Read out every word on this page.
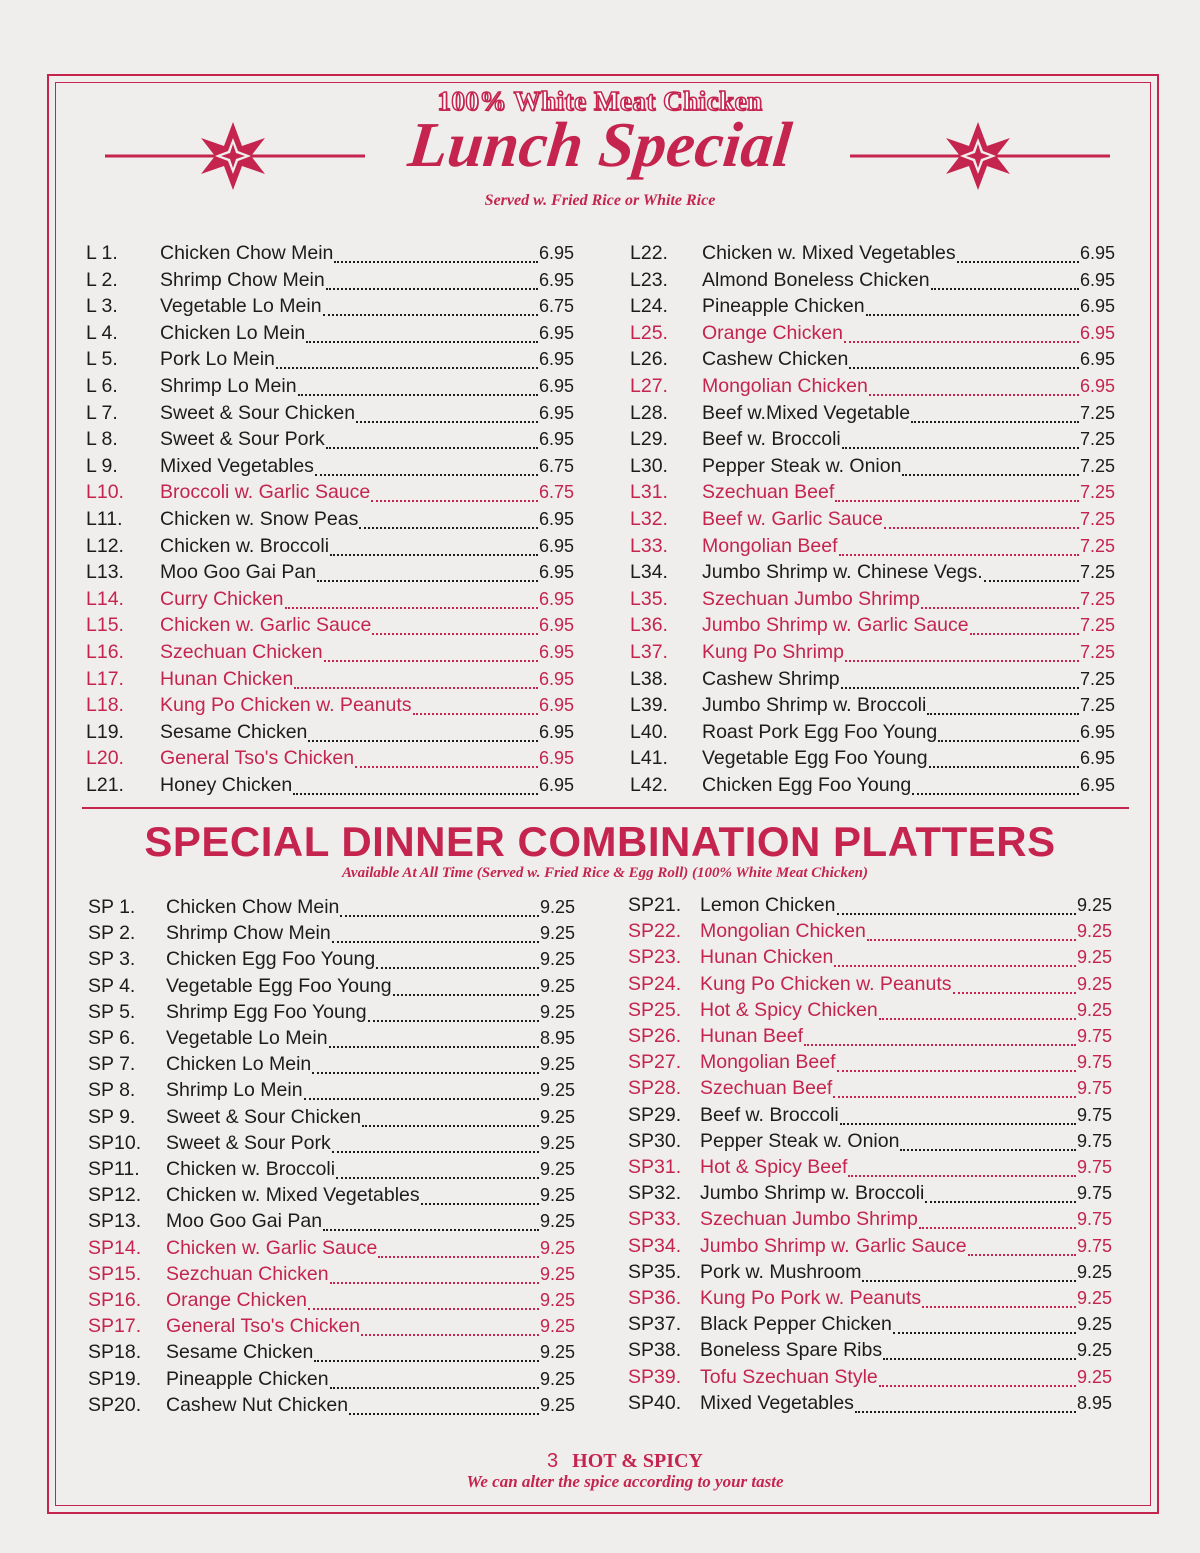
100% White Meat Chicken
Lunch Special
Served w. Fried Rice or White Rice
L 1.	Chicken Chow Mein	6.95
L 2.	Shrimp Chow Mein	6.95
L 3.	Vegetable Lo Mein	6.75
L 4.	Chicken Lo Mein	6.95
L 5.	Pork Lo Mein	6.95
L 6.	Shrimp Lo Mein	6.95
L 7.	Sweet & Sour Chicken	6.95
L 8.	Sweet & Sour Pork	6.95
L 9.	Mixed Vegetables	6.75
L10.	Broccoli w. Garlic Sauce	6.75
L11.	Chicken w. Snow Peas	6.95
L12.	Chicken w. Broccoli	6.95
L13.	Moo Goo Gai Pan	6.95
L14.	Curry Chicken	6.95
L15.	Chicken w. Garlic Sauce	6.95
L16.	Szechuan Chicken	6.95
L17.	Hunan Chicken	6.95
L18.	Kung Po Chicken w. Peanuts	6.95
L19.	Sesame Chicken	6.95
L20.	General Tso's Chicken	6.95
L21.	Honey Chicken	6.95
L22.	Chicken w. Mixed Vegetables	6.95
L23.	Almond Boneless Chicken	6.95
L24.	Pineapple Chicken	6.95
L25.	Orange Chicken	6.95
L26.	Cashew Chicken	6.95
L27.	Mongolian Chicken	6.95
L28.	Beef w.Mixed Vegetable	7.25
L29.	Beef w. Broccoli	7.25
L30.	Pepper Steak w. Onion	7.25
L31.	Szechuan Beef	7.25
L32.	Beef w. Garlic Sauce	7.25
L33.	Mongolian Beef	7.25
L34.	Jumbo Shrimp w. Chinese Vegs.	7.25
L35.	Szechuan Jumbo Shrimp	7.25
L36.	Jumbo Shrimp w. Garlic Sauce	7.25
L37.	Kung Po Shrimp	7.25
L38.	Cashew Shrimp	7.25
L39.	Jumbo Shrimp w. Broccoli	7.25
L40.	Roast Pork Egg Foo Young	6.95
L41.	Vegetable Egg Foo Young	6.95
L42.	Chicken Egg Foo Young	6.95
SPECIAL DINNER COMBINATION PLATTERS
Available At All Time (Served w. Fried Rice & Egg Roll) (100% White Meat Chicken)
SP 1.	Chicken Chow Mein	9.25
SP 2.	Shrimp Chow Mein	9.25
SP 3.	Chicken Egg Foo Young	9.25
SP 4.	Vegetable Egg Foo Young	9.25
SP 5.	Shrimp Egg Foo Young	9.25
SP 6.	Vegetable Lo Mein	8.95
SP 7.	Chicken Lo Mein	9.25
SP 8.	Shrimp Lo Mein	9.25
SP 9.	Sweet & Sour Chicken	9.25
SP10.	Sweet & Sour Pork	9.25
SP11.	Chicken w. Broccoli	9.25
SP12.	Chicken w. Mixed Vegetables	9.25
SP13.	Moo Goo Gai Pan	9.25
SP14.	Chicken w. Garlic Sauce	9.25
SP15.	Sezchuan Chicken	9.25
SP16.	Orange Chicken	9.25
SP17.	General Tso's Chicken	9.25
SP18.	Sesame Chicken	9.25
SP19.	Pineapple Chicken	9.25
SP20.	Cashew Nut Chicken	9.25
SP21. Lemon Chicken	9.25
SP22. Mongolian Chicken	9.25
SP23. Hunan Chicken	9.25
SP24. Kung Po Chicken w. Peanuts	9.25
SP25. Hot & Spicy Chicken	9.25
SP26. Hunan Beef	9.75
SP27. Mongolian Beef	9.75
SP28. Szechuan Beef	9.75
SP29. Beef w. Broccoli	9.75
SP30. Pepper Steak w. Onion	9.75
SP31. Hot & Spicy Beef	9.75
SP32. Jumbo Shrimp w. Broccoli	9.75
SP33. Szechuan Jumbo Shrimp	9.75
SP34. Jumbo Shrimp w. Garlic Sauce	9.75
SP35. Pork w. Mushroom	9.25
SP36. Kung Po Pork w. Peanuts	9.25
SP37. Black Pepper Chicken	9.25
SP38. Boneless Spare Ribs	9.25
SP39. Tofu Szechuan Style	9.25
SP40. Mixed Vegetables	8.95
3 HOT & SPICY
We can alter the spice according to your taste
